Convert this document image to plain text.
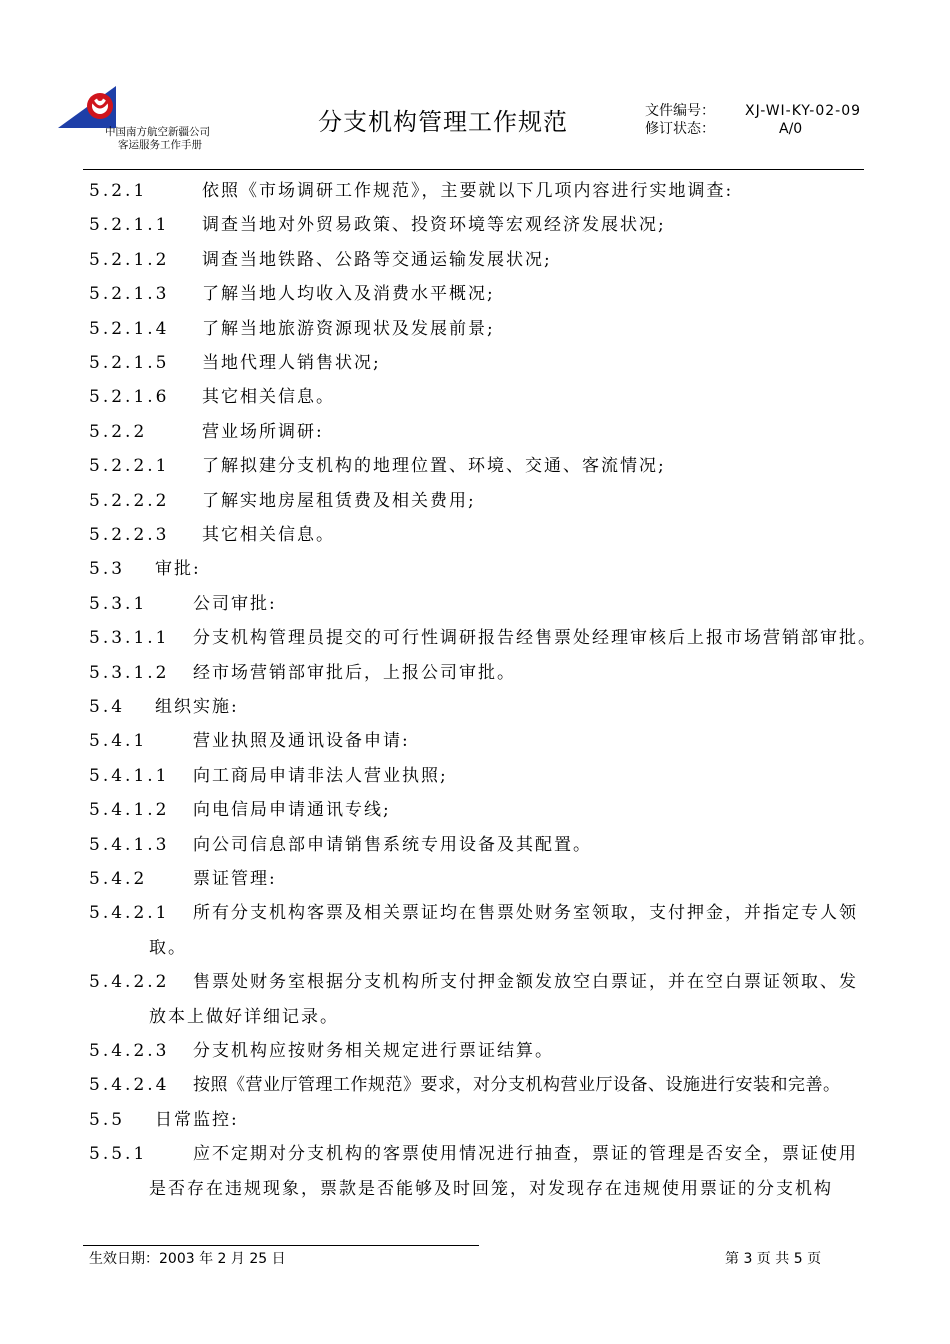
中国南方航空新疆公司
客运服务工作手册
分支机构管理工作规范	文件编号： XJ-WI-KY-02-09
修订状态：	A/0
5.2.1	依照《市场调研工作规范》，主要就以下几项内容进行实地调查:
5.2.1.1 调查当地对外贸易政策、投资环境等宏观经济发展状况;
5.2.1.2 调查当地铁路、公路等交通运输发展状况;
5.2.1.3 了解当地人均收入及消费水平概况;
5.2.1.4 了解当地旅游资源现状及发展前景;
5.2.1.5 当地代理人销售状况;
5.2.1.6 其它相关信息。
5.2.2	营业场所调研:
5.2.2.1 了解拟建分支机构的地理位置、环境、交通、客流情况;
5.2.2.2 了解实地房屋租赁费及相关费用;
5.2.2.3 其它相关信息。
5.3 审批:
5.3.1	公司审批:
5.3.1.1 分支机构管理员提交的可行性调研报告经售票处经理审核后上报市场营销部审批。
5.3.1.2 经市场营销部审批后，上报公司审批。
5.4 组织实施:
5.4.1	营业执照及通讯设备申请:
5.4.1.1 向工商局申请非法人营业执照;
5.4.1.2 向电信局申请通讯专线;
5.4.1.3 向公司信息部申请销售系统专用设备及其配置。
5.4.2	票证管理:
5.4.2.1 所有分支机构客票及相关票证均在售票处财务室领取，支付押金，并指定专人领
取。
5.4.2.2 售票处财务室根据分支机构所支付押金额发放空白票证，并在空白票证领取、发
放本上做好详细记录。
5.4.2.3 分支机构应按财务相关规定进行票证结算。
5.4.2.4 按照《营业厅管理工作规范》要求，对分支机构营业厅设备、设施进行安装和完善。
5.5 日常监控:
5.5.1	应不定期对分支机构的客票使用情况进行抽查，票证的管理是否安全，票证使用
是否存在违规现象，票款是否能够及时回笼，对发现存在违规使用票证的分支机构
生效日期：2003 年 2 月 25 日	第 3 页 共 5 页
